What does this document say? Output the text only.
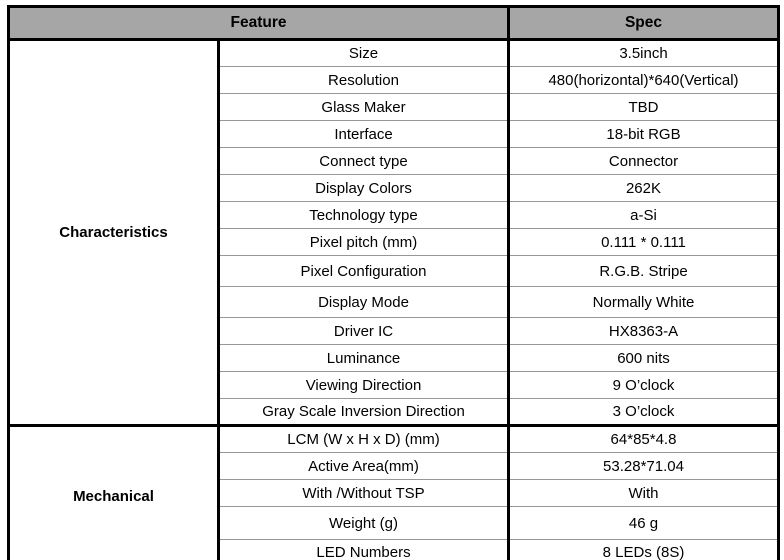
Feature		Spec
Characteristics	Size	3.5inch
	Resolution	480(horizontal)*640(Vertical)
	Glass Maker	TBD
	Interface	18-bit RGB
	Connect type	Connector
	Display Colors	262K
	Technology type	a-Si
	Pixel pitch (mm)	0.111 * 0.111
	Pixel Configuration	R.G.B. Stripe
	Display Mode	Normally White
	Driver IC	HX8363-A
	Luminance	600 nits
	Viewing Direction	9 O’clock
	Gray Scale Inversion Direction	3 O’clock
Mechanical	LCM (W x H x D) (mm)	64*85*4.8
	Active Area(mm)	53.28*71.04
	With /Without TSP	With
	Weight (g)	46 g
	LED Numbers	8 LEDs (8S)
